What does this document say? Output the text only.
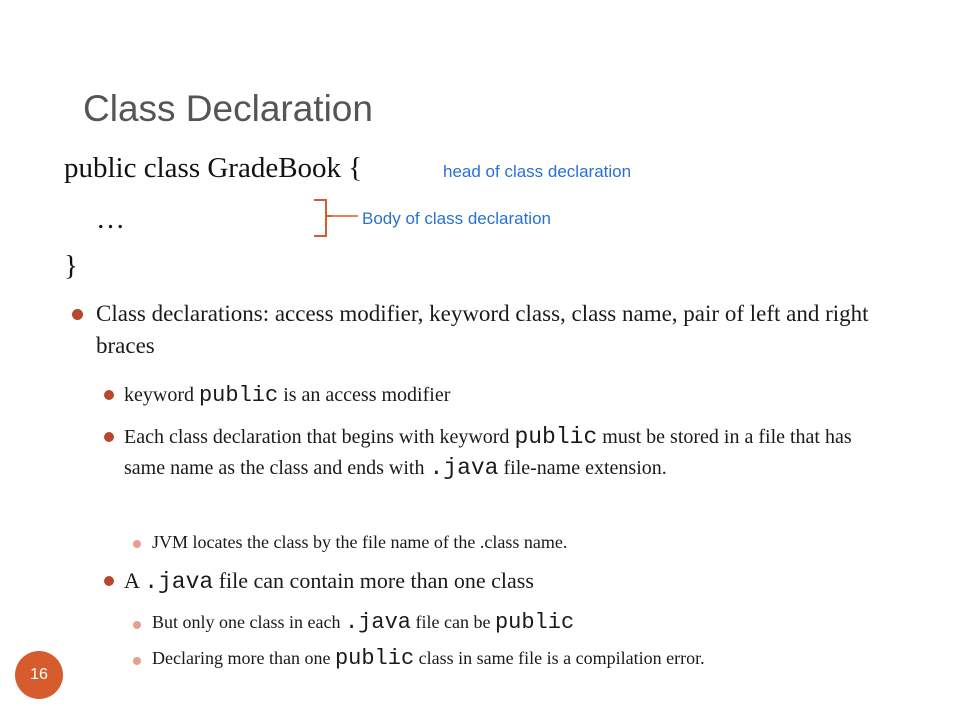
Class Declaration
public class GradeBook {
…
}
head of class declaration
Body of class declaration
Class declarations: access modifier, keyword class, class name, pair of left and right braces
keyword public is an access modifier
Each class declaration that begins with keyword public must be stored in a file that has same name as the class and ends with .java file-name extension.
JVM locates the class by the file name of the .class name.
A .java file can contain more than one class
But only one class in each .java file can be public
Declaring more than one public class in same file is a compilation error.
16
